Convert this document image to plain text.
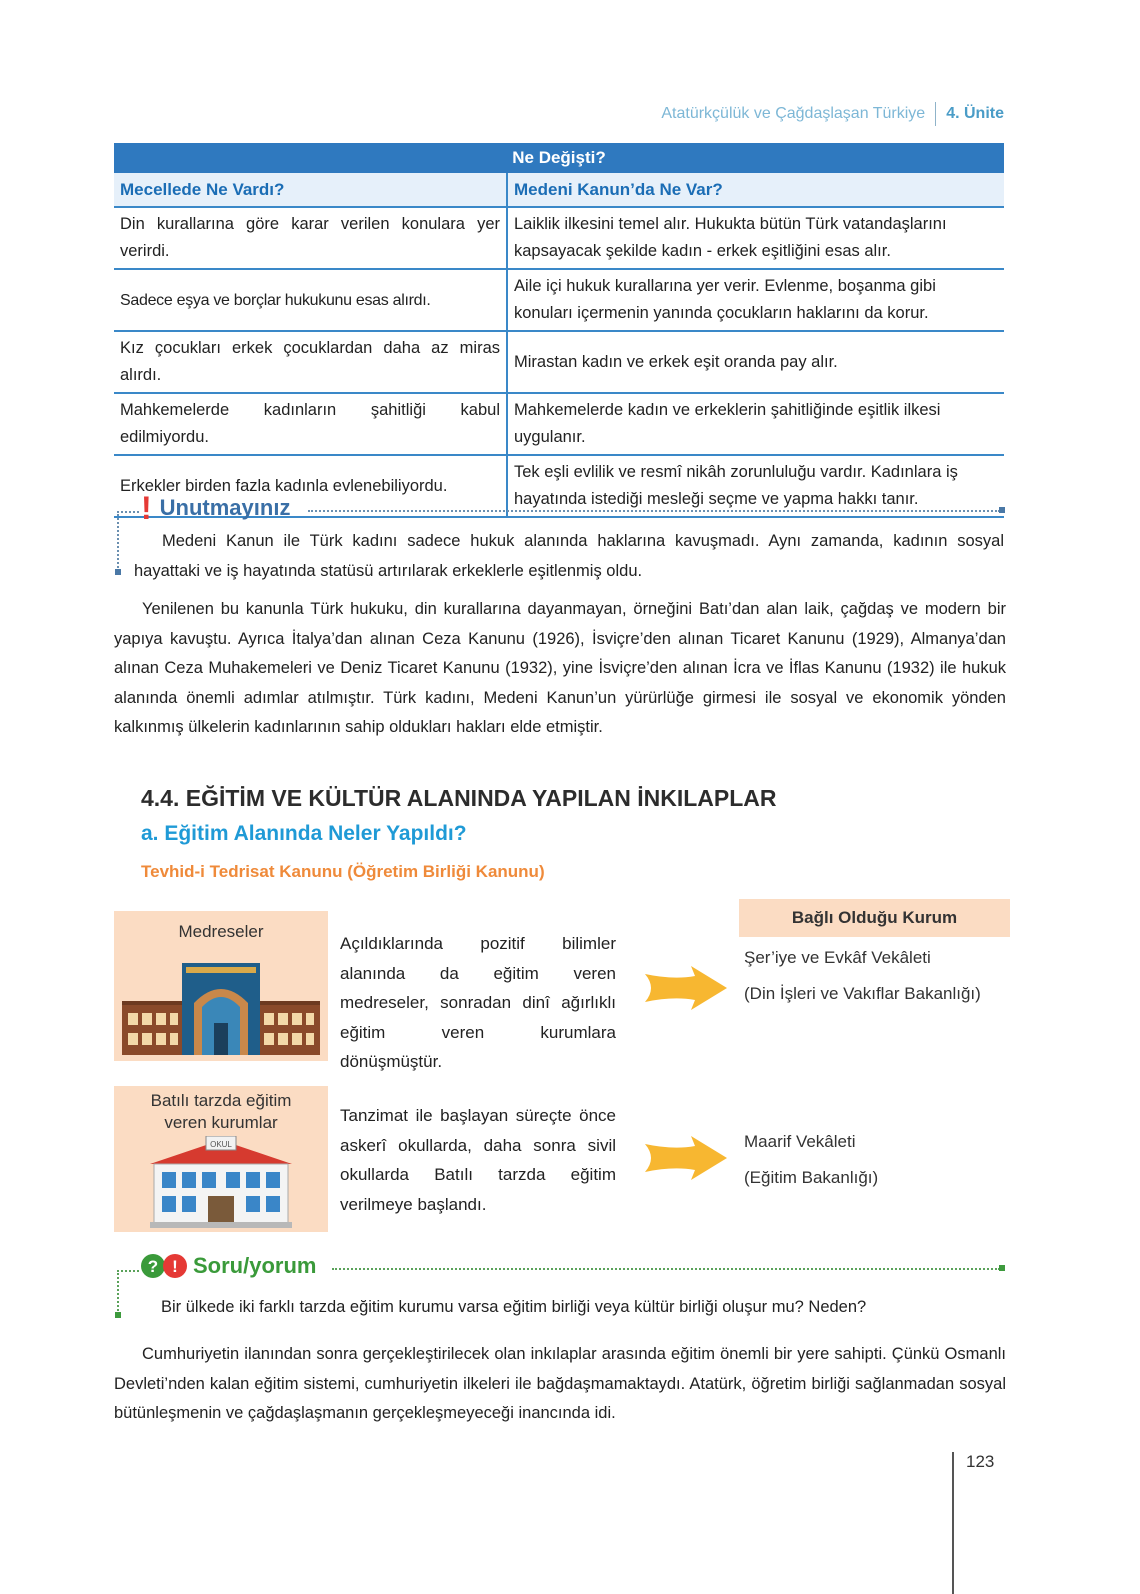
Atatürkçülük ve Çağdaşlaşan Türkiye 4. Ünite
Ne Değişti?	
Mecellede Ne Vardı?	Medeni Kanun’da Ne Var?
Din kurallarına göre karar verilen konulara yer verirdi.	Laiklik ilkesini temel alır. Hukukta bütün Türk vatandaşlarını kapsayacak şekilde kadın - erkek eşitliğini esas alır.
Sadece eşya ve borçlar hukukunu esas alırdı.	Aile içi hukuk kurallarına yer verir. Evlenme, boşanma gibi konuları içermenin yanında çocukların haklarını da korur.
Kız çocukları erkek çocuklardan daha az miras alırdı.	Mirastan kadın ve erkek eşit oranda pay alır.
Mahkemelerde kadınların şahitliği kabul edilmiyordu.	Mahkemelerde kadın ve erkeklerin şahitliğinde eşitlik ilkesi uygulanır.
Erkekler birden fazla kadınla evlenebiliyordu.	Tek eşli evlilik ve resmî nikâh zorunluluğu vardır. Kadınlara iş hayatında istediği mesleği seçme ve yapma hakkı tanır.
! Unutmayınız
Medeni Kanun ile Türk kadını sadece hukuk alanında haklarına kavuşmadı. Aynı zamanda, kadının sosyal hayattaki ve iş hayatında statüsü artırılarak erkeklerle eşitlenmiş oldu.
Yenilenen bu kanunla Türk hukuku, din kurallarına dayanmayan, örneğini Batı’dan alan laik, çağdaş ve modern bir yapıya kavuştu. Ayrıca İtalya’dan alınan Ceza Kanunu (1926), İsviçre’den alınan Ticaret Kanunu (1929), Almanya’dan alınan Ceza Muhakemeleri ve Deniz Ticaret Kanunu (1932), yine İsviçre’den alınan İcra ve İflas Kanunu (1932) ile hukuk alanında önemli adımlar atılmıştır. Türk kadını, Medeni Kanun’un yürürlüğe girmesi ile sosyal ve ekonomik yönden kalkınmış ülkelerin kadınlarının sahip oldukları hakları elde etmiştir.
4.4. EĞİTİM VE KÜLTÜR ALANINDA YAPILAN İNKILAPLAR
a. Eğitim Alanında Neler Yapıldı?
Tevhid-i Tedrisat Kanunu (Öğretim Birliği Kanunu)
Medreseler
Açıldıklarında pozitif bilimler alanında da eğitim veren medreseler, sonradan dinî ağırlıklı eğitim veren kurumlara dönüşmüştür.
Bağlı Olduğu Kurum
Şer’iye ve Evkâf Vekâleti
(Din İşleri ve Vakıflar Bakanlığı)
Batılı tarzda eğitim veren kurumlar
OKUL
Tanzimat ile başlayan süreçte önce askerî okullarda, daha sonra sivil okullarda Batılı tarzda eğitim verilmeye başlandı.
Maarif Vekâleti
(Eğitim Bakanlığı)
? ! Soru / yorum
Bir ülkede iki farklı tarzda eğitim kurumu varsa eğitim birliği veya kültür birliği oluşur mu? Neden?
Cumhuriyetin ilanından sonra gerçekleştirilecek olan inkılaplar arasında eğitim önemli bir yere sahipti. Çünkü Osmanlı Devleti’nden kalan eğitim sistemi, cumhuriyetin ilkeleri ile bağdaşmamaktaydı. Atatürk, öğretim birliği sağlanmadan sosyal bütünleşmenin ve çağdaşlaşmanın gerçekleşmeyeceği inancında idi.
123
